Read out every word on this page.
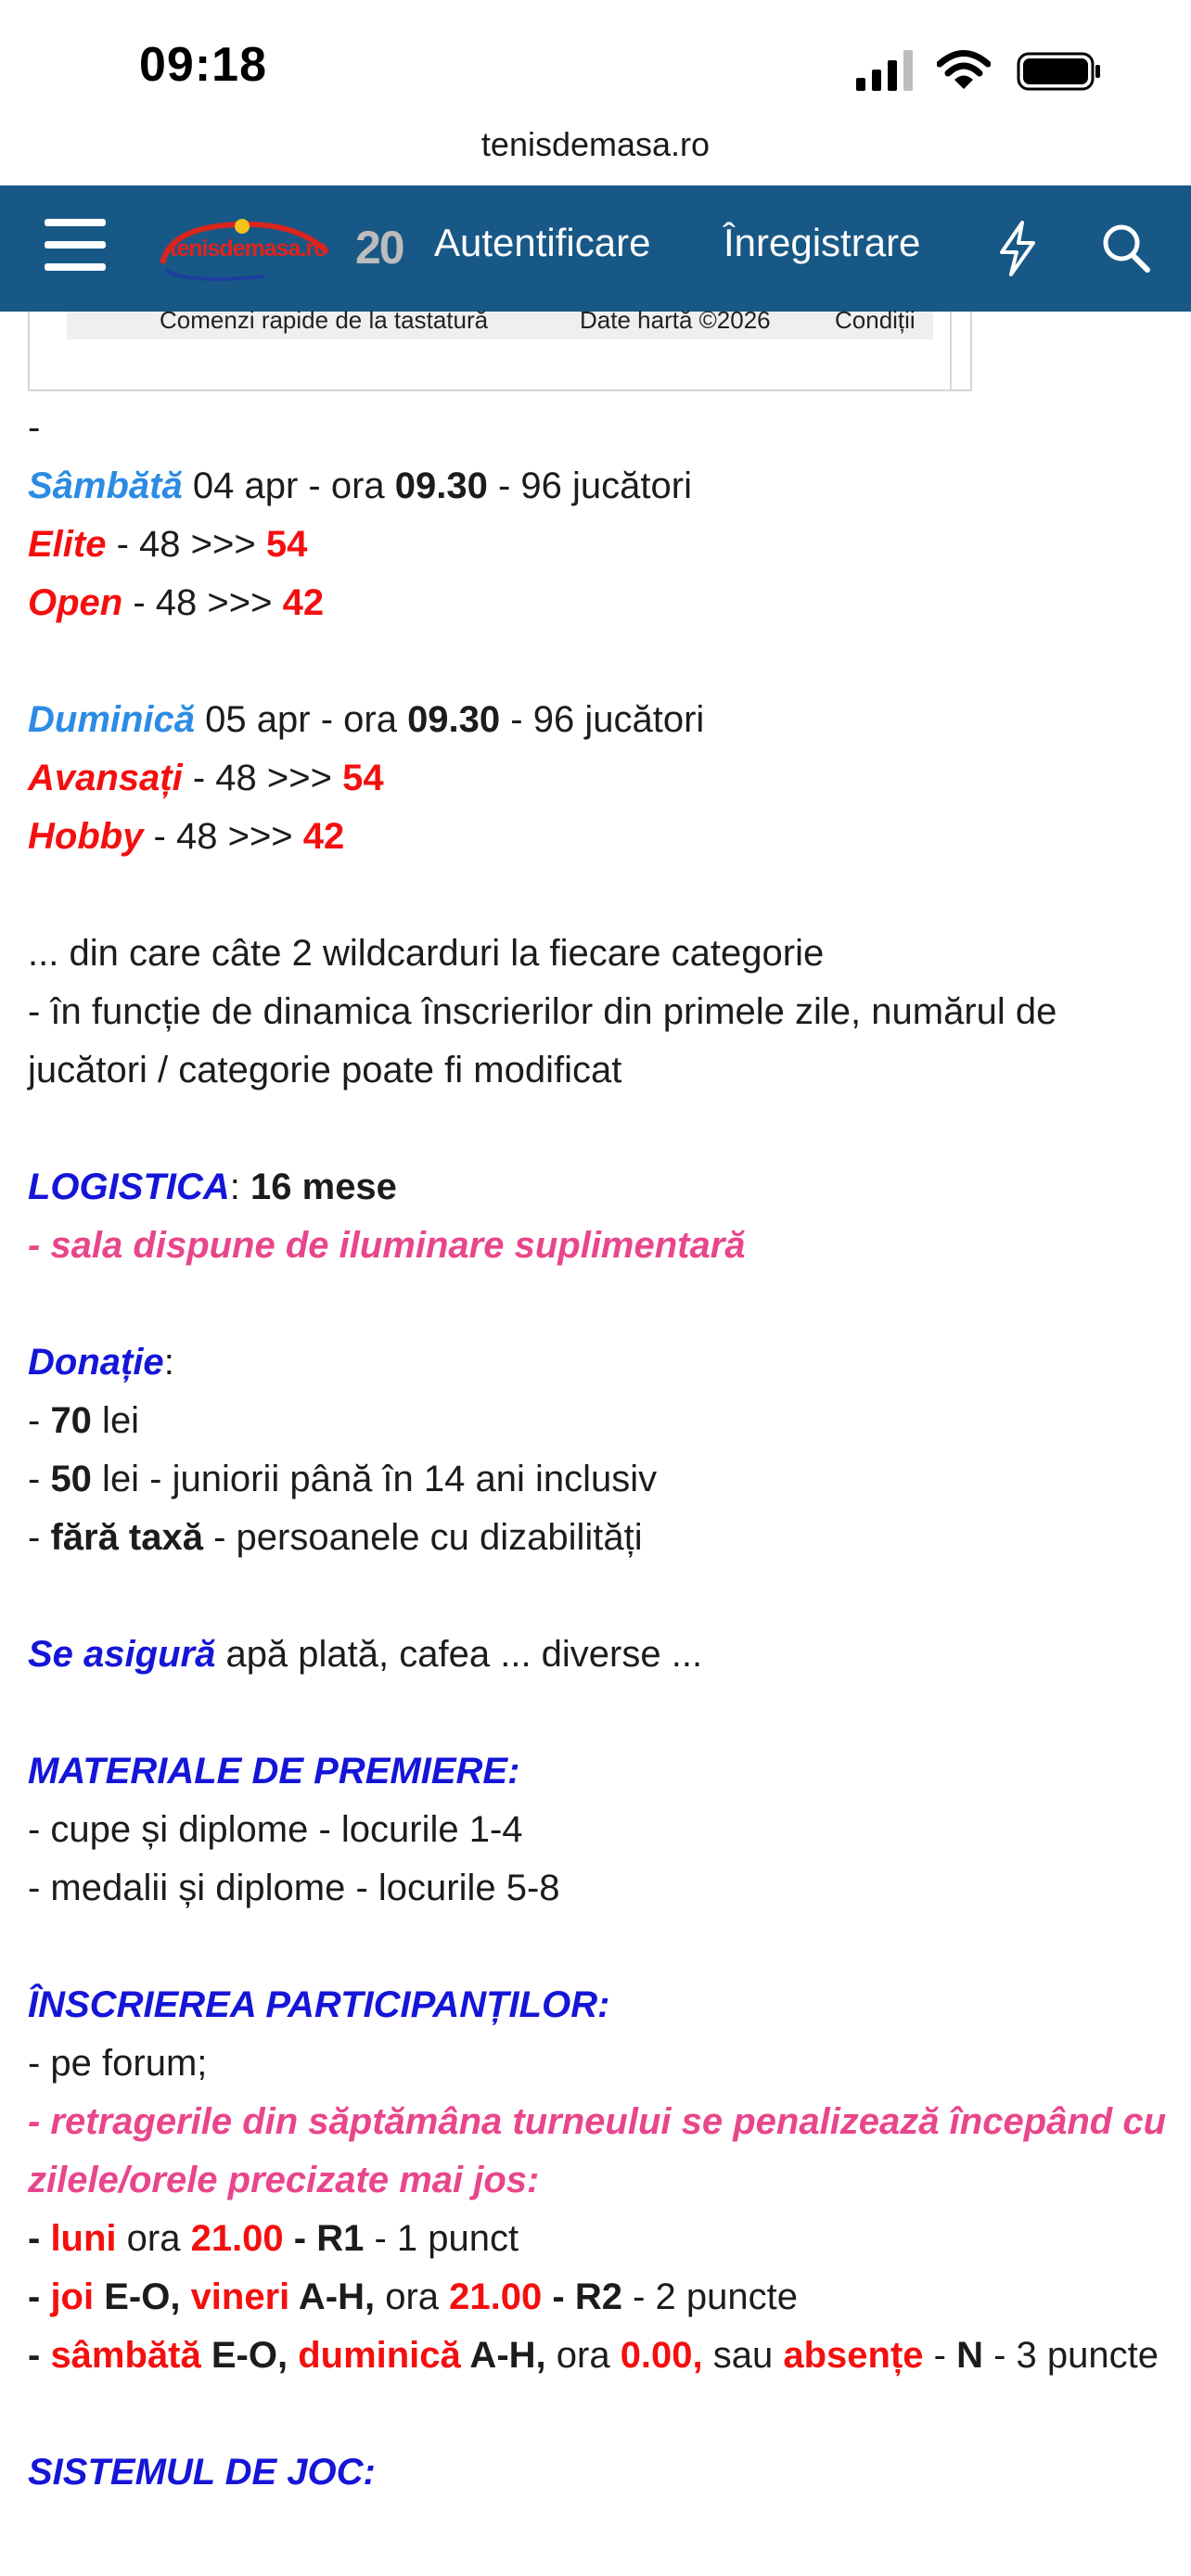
09:18
tenisdemasa.ro
tenisdemasa.ro 20 Autentificare Înregistrare
Comenzi rapide de la tastatură	Date hartă ©2026	Condiții
-
Sâmbătă 04 apr - ora 09.30 - 96 jucători
Elite - 48 >>> 54
Open - 48 >>> 42
Duminică 05 apr - ora 09.30 - 96 jucători
Avansați - 48 >>> 54
Hobby - 48 >>> 42
... din care câte 2 wildcarduri la fiecare categorie
- în funcție de dinamica înscrierilor din primele zile, numărul de jucători / categorie poate fi modificat
LOGISTICA: 16 mese
- sala dispune de iluminare suplimentară
Donație:
- 70 lei
- 50 lei - juniorii până în 14 ani inclusiv
- fără taxă - persoanele cu dizabilități
Se asigură apă plată, cafea ... diverse ...
MATERIALE DE PREMIERE:
- cupe și diplome - locurile 1-4
- medalii și diplome - locurile 5-8
ÎNSCRIEREA PARTICIPANȚILOR:
- pe forum;
- retragerile din săptămâna turneului se penalizează începând cu zilele/orele precizate mai jos:
- luni ora 21.00 - R1 - 1 punct
- joi E-O, vineri A-H, ora 21.00 - R2 - 2 puncte
- sâmbătă E-O, duminică A-H, ora 0.00, sau absențe - N - 3 puncte
SISTEMUL DE JOC:
